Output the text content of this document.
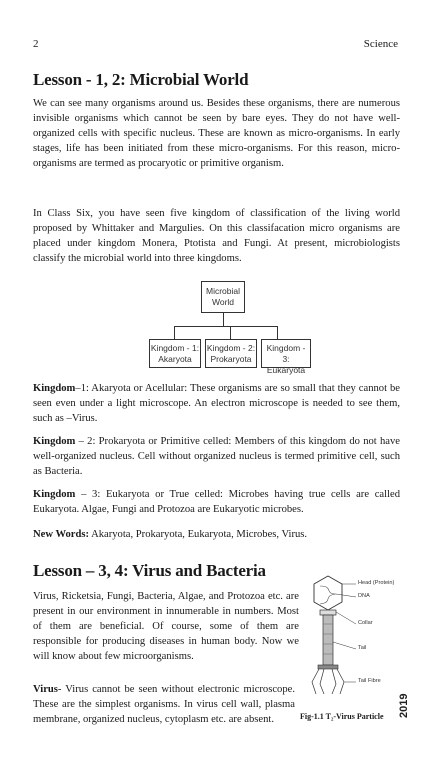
2	Science
Lesson - 1, 2: Microbial World

We can see many organisms around us. Besides these organisms, there are numerous invisible organisms which cannot be seen by bare eyes. They do not have well-organized cells with specific nucleus. These are known as micro-organisms. In early stages, life has been initiated from these micro-organisms. For this reason, micro-organisms are termed as procaryotic or primitive organism.

In Class Six, you have seen five kingdom of classification of the living world proposed by Whittaker and Margulies. On this classifacation micro organisms are placed under kingdom Monera, Ptotista and Fungi. At present, microbiologists classify the microbial world into three kingdoms.

Microbial
World
Kingdom - 1:
Akaryota
Kingdom - 2:
Prokaryota
Kingdom - 3:
Eukaryota

Kingdom–1: Akaryota or Acellular: These organisms are so small that they cannot be seen even under a light microscope. An electron microscope is needed to see them, such as –Virus.

Kingdom – 2: Prokaryota or Primitive celled: Members of this kingdom do not have well-organized nucleus. Cell without organized nucleus is termed primitive cell, such as Bacteria.

Kingdom – 3: Eukaryota or True celled: Microbes having true cells are called Eukaryota. Algae, Fungi and Protozoa are Eukaryotic microbes.

New Words: Akaryota, Prokaryota, Eukaryota, Microbes, Virus.

Lesson – 3, 4: Virus and Bacteria

Virus, Ricketsia, Fungi, Bacteria, Algae, and Protozoa etc. are present in our environment in innumerable in numbers. Most of them are beneficial. Of course, some of them are responsible for producing diseases in human body. Now we will know about few microorganisms.

Virus- Virus cannot be seen without electronic microscope. These are the simplest organisms. In virus cell wall, plasma membrane, organized nucleus, cytoplasm etc. are absent.

Head (Protein)
DNA
Collar
Tail
Tail Fibre
Fig-1.1 T₂-Virus Particle 2019
